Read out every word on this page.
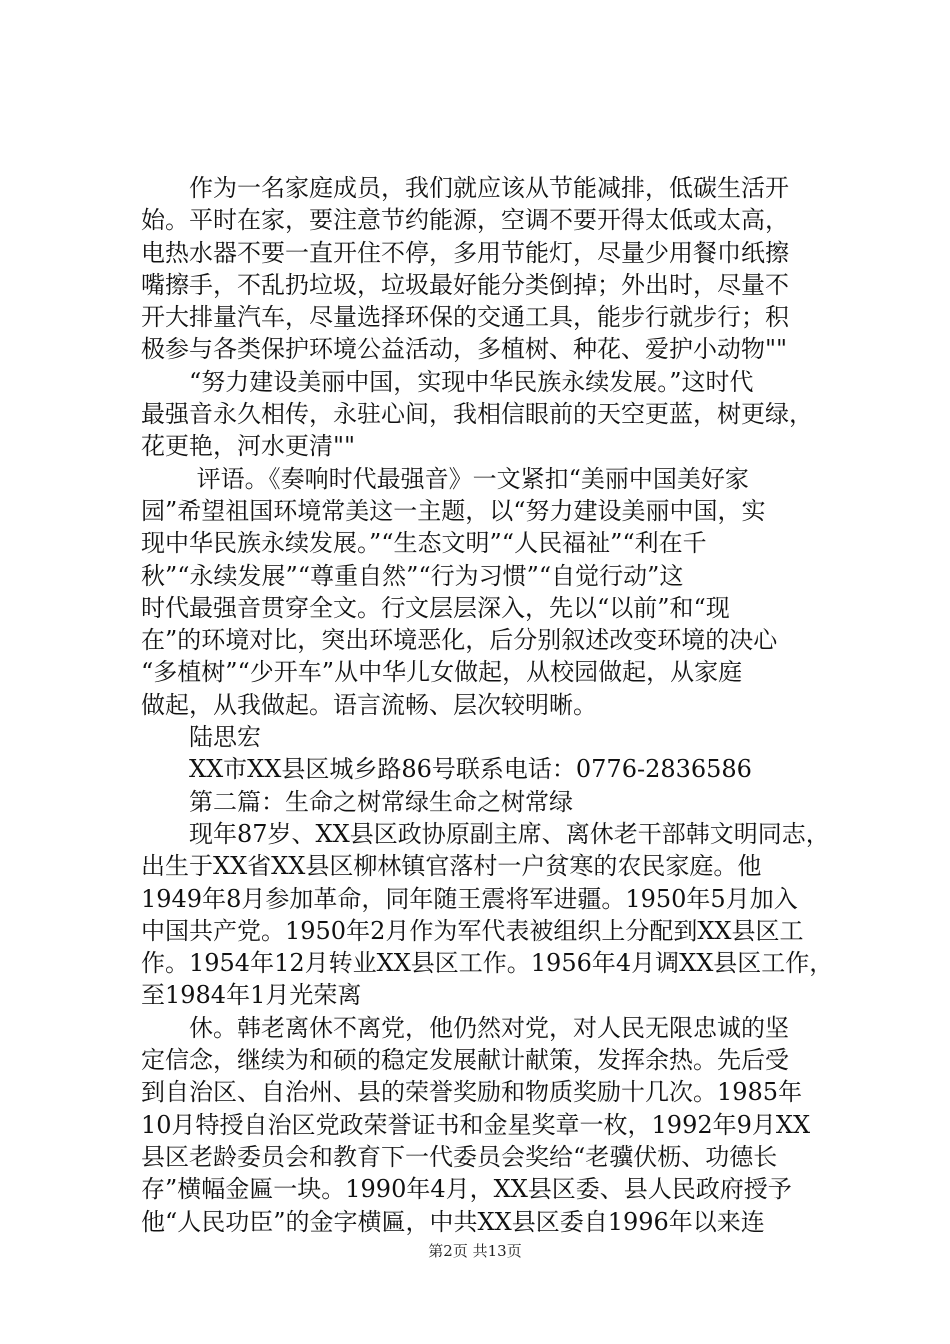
　　作为一名家庭成员，我们就应该从节能减排，低碳生活开
始。平时在家，要注意节约能源，空调不要开得太低或太高，
电热水器不要一直开住不停，多用节能灯，尽量少用餐巾纸擦
嘴擦手，不乱扔垃圾，垃圾最好能分类倒掉；外出时，尽量不
开大排量汽车，尽量选择环保的交通工具，能步行就步行；积
极参与各类保护环境公益活动，多植树、种花、爱护小动物""
　　“努力建设美丽中国，实现中华民族永续发展。”这时代
最强音永久相传，永驻心间，我相信眼前的天空更蓝，树更绿，
花更艳，河水更清""
　　 评语。《奏响时代最强音》一文紧扣“美丽中国美好家
园”希望祖国环境常美这一主题，以“努力建设美丽中国，实
现中华民族永续发展。”“生态文明”“人民福祉”“利在千
秋”“永续发展”“尊重自然”“行为习惯”“自觉行动”这
时代最强音贯穿全文。行文层层深入，先以“以前”和“现
在”的环境对比，突出环境恶化，后分别叙述改变环境的决心
“多植树”“少开车”从中华儿女做起，从校园做起，从家庭
做起，从我做起。语言流畅、层次较明晰。
　　陆思宏
　　XX市XX县区城乡路86号联系电话：0776-2836586
　　第二篇：生命之树常绿生命之树常绿
　　现年87岁、XX县区政协原副主席、离休老干部韩文明同志，
出生于XX省XX县区柳林镇官落村一户贫寒的农民家庭。他
1949年8月参加革命，同年随王震将军进疆。1950年5月加入
中国共产党。1950年2月作为军代表被组织上分配到XX县区工
作。1954年12月转业XX县区工作。1956年4月调XX县区工作，
至1984年1月光荣离
　　休。韩老离休不离党，他仍然对党，对人民无限忠诚的坚
定信念，继续为和硕的稳定发展献计献策，发挥余热。先后受
到自治区、自治州、县的荣誉奖励和物质奖励十几次。1985年
10月特授自治区党政荣誉证书和金星奖章一枚，1992年9月XX
县区老龄委员会和教育下一代委员会奖给“老骥伏枥、功德长
存”横幅金匾一块。1990年4月，XX县区委、县人民政府授予
他“人民功臣”的金字横匾，中共XX县区委自1996年以来连
第2页 共13页
